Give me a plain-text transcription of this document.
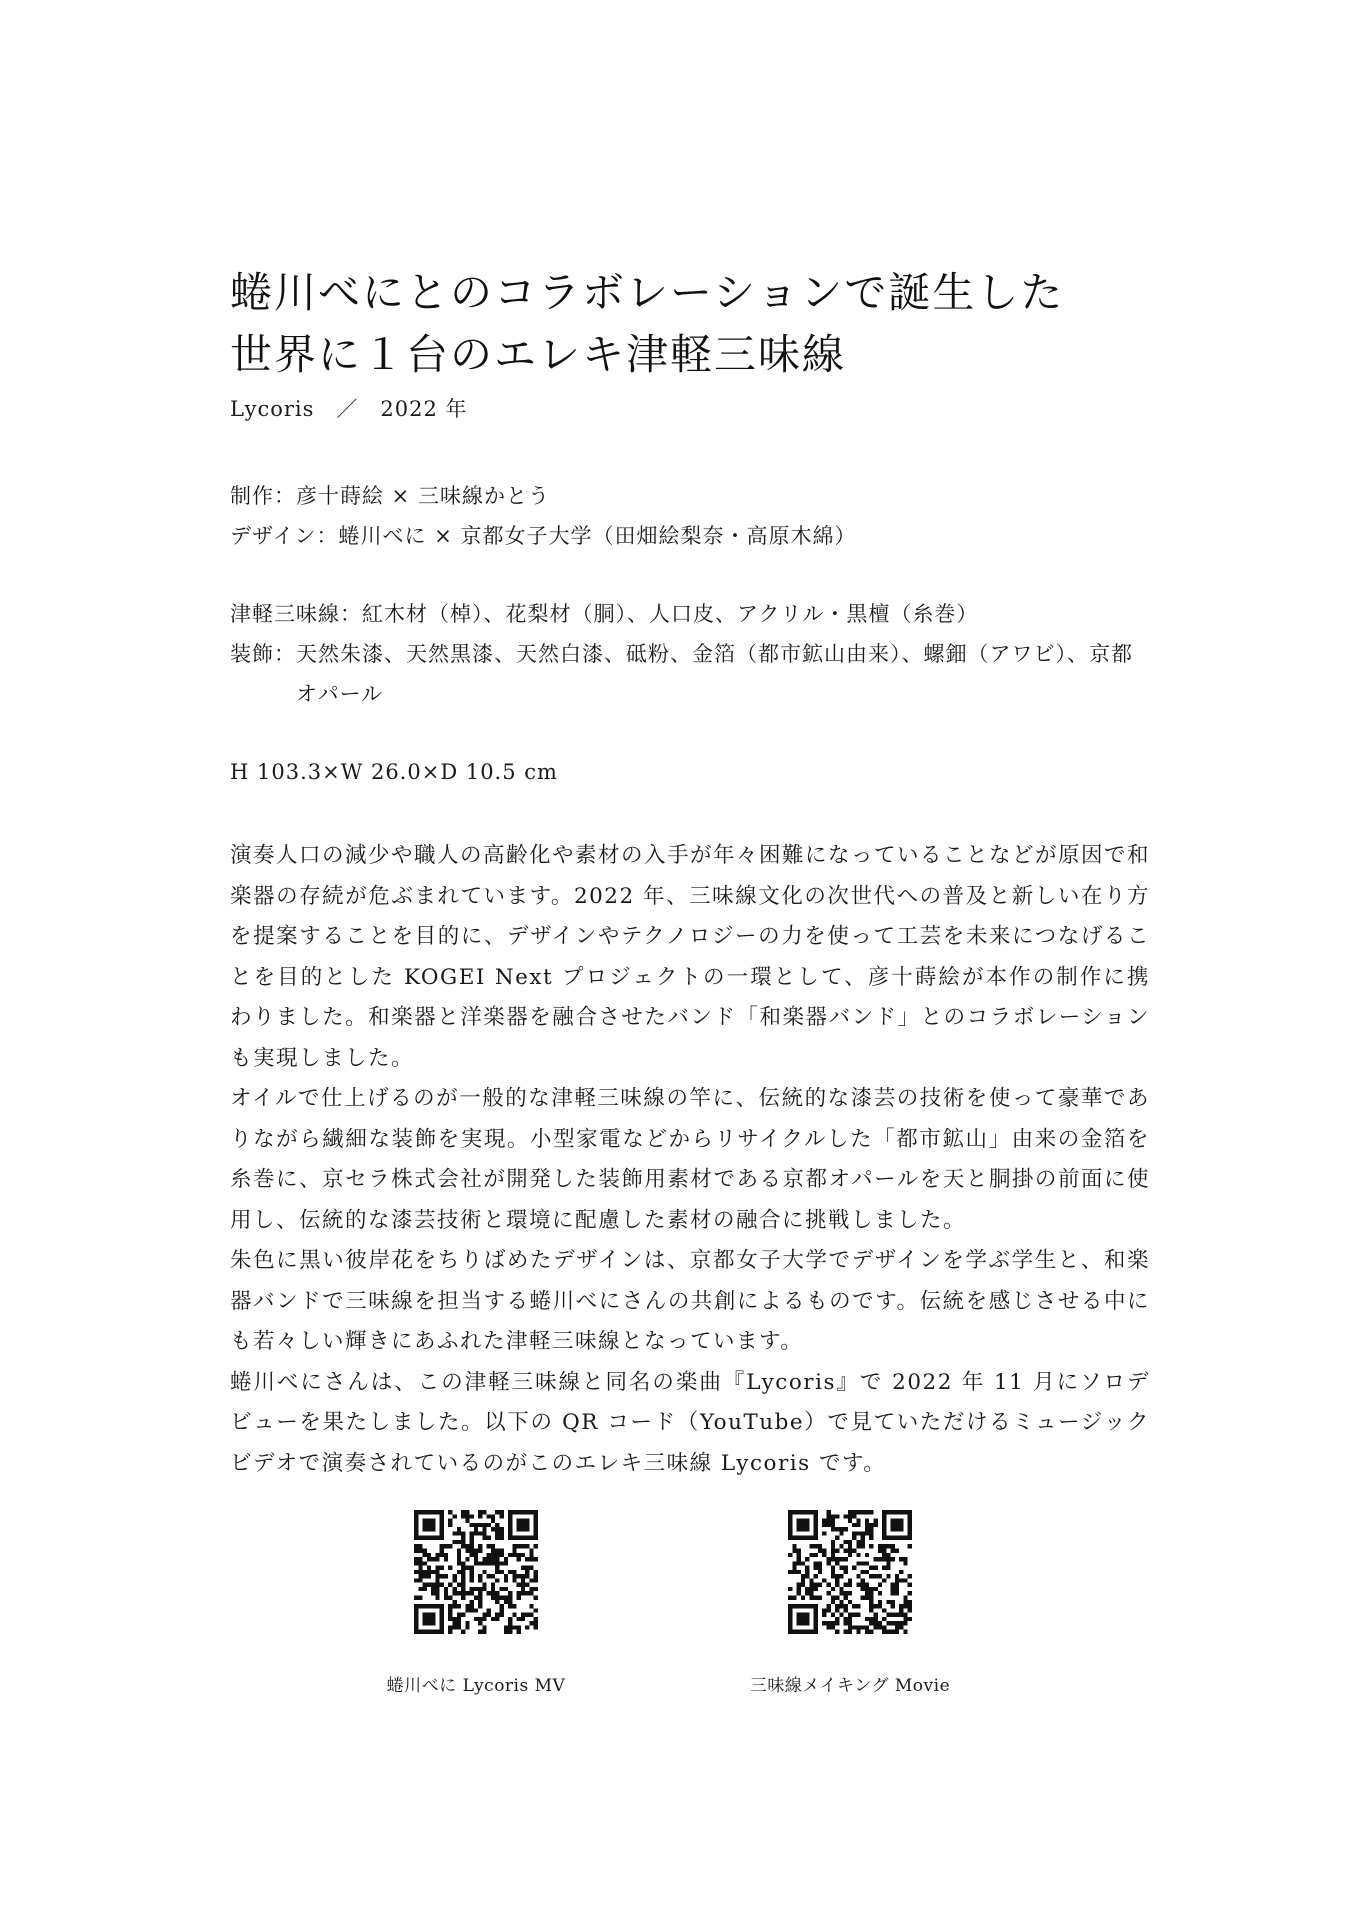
蜷川べにとのコラボレーションで誕生した
世界に１台のエレキ津軽三味線
Lycoris　／　2022 年
制作：彦十蒔絵 × 三味線かとう
デザイン：蜷川べに × 京都女子大学（田畑絵梨奈・高原木綿）
津軽三味線： 紅木材（棹）、花梨材（胴）、人口皮、アクリル・黒檀（糸巻）
装飾： 天然朱漆、天然黒漆、天然白漆、砥粉、金箔（都市鉱山由来）、螺鈿（アワビ）、京都オパール
H 103.3×W 26.0×D 10.5 cm

演奏人口の減少や職人の高齢化や素材の入手が年々困難になっていることなどが原因で和楽器の存続が危ぶまれています。2022 年、三味線文化の次世代への普及と新しい在り方を提案することを目的に、デザインやテクノロジーの力を使って工芸を未来につなげることを目的とした KOGEI Next プロジェクトの一環として、彦十蒔絵が本作の制作に携わりました。和楽器と洋楽器を融合させたバンド「和楽器バンド」とのコラボレーションも実現しました。

オイルで仕上げるのが一般的な津軽三味線の竿に、伝統的な漆芸の技術を使って豪華でありながら繊細な装飾を実現。小型家電などからリサイクルした「都市鉱山」由来の金箔を糸巻に、京セラ株式会社が開発した装飾用素材である京都オパールを天と胴掛の前面に使用し、伝統的な漆芸技術と環境に配慮した素材の融合に挑戦しました。

朱色に黒い彼岸花をちりばめたデザインは、京都女子大学でデザインを学ぶ学生と、和楽器バンドで三味線を担当する蜷川べにさんの共創によるものです。伝統を感じさせる中にも若々しい輝きにあふれた津軽三味線となっています。

蜷川べにさんは、この津軽三味線と同名の楽曲『Lycoris』で 2022 年 11 月にソロデビューを果たしました。以下の QR コード（YouTube）で見ていただけるミュージックビデオで演奏されているのがこのエレキ三味線 Lycoris です。

蜷川べに Lycoris MV	三味線メイキング Movie
